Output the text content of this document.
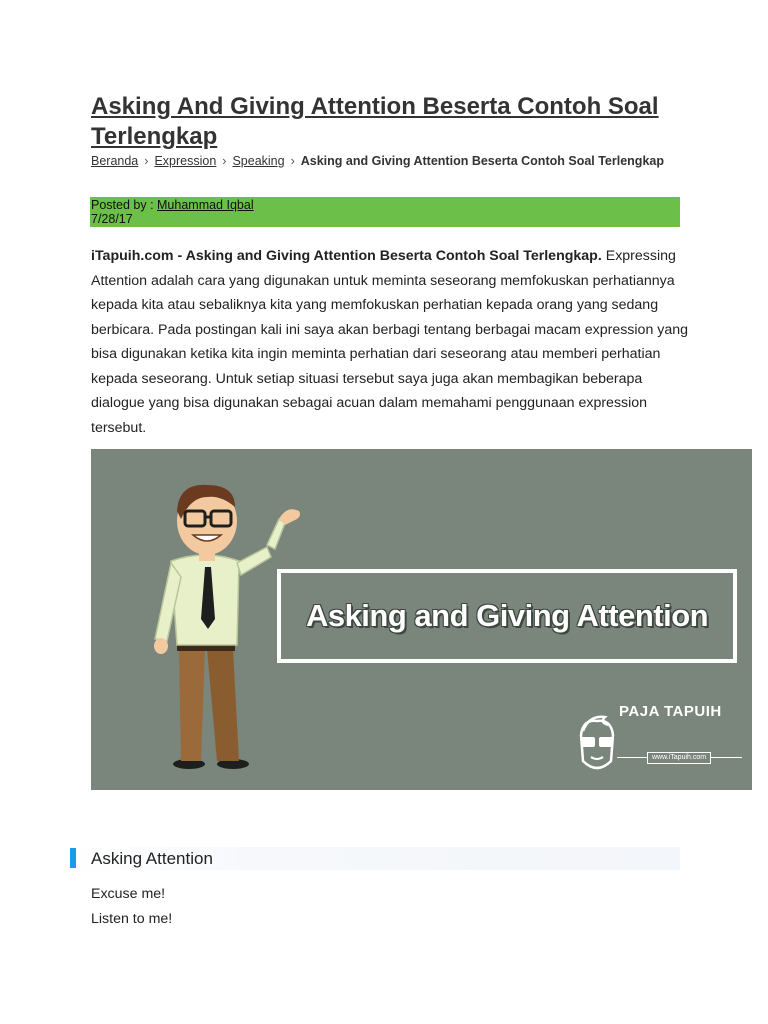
Asking And Giving Attention Beserta Contoh Soal Terlengkap
Beranda › Expression › Speaking › Asking and Giving Attention Beserta Contoh Soal Terlengkap
Posted by : Muhammad Iqbal
7/28/17

iTapuih.com - Asking and Giving Attention Beserta Contoh Soal Terlengkap. Expressing Attention adalah cara yang digunakan untuk meminta seseorang memfokuskan perhatiannya kepada kita atau sebaliknya kita yang memfokuskan perhatian kepada orang yang sedang berbicara. Pada postingan kali ini saya akan berbagi tentang berbagai macam expression yang bisa digunakan ketika kita ingin meminta perhatian dari seseorang atau memberi perhatian kepada seseorang. Untuk setiap situasi tersebut saya juga akan membagikan beberapa dialogue yang bisa digunakan sebagai acuan dalam memahami penggunaan expression tersebut.

Asking and Giving Attention
PAJA TAPUIH
www.iTapuih.com
Asking Attention
Excuse me!
Listen to me!
